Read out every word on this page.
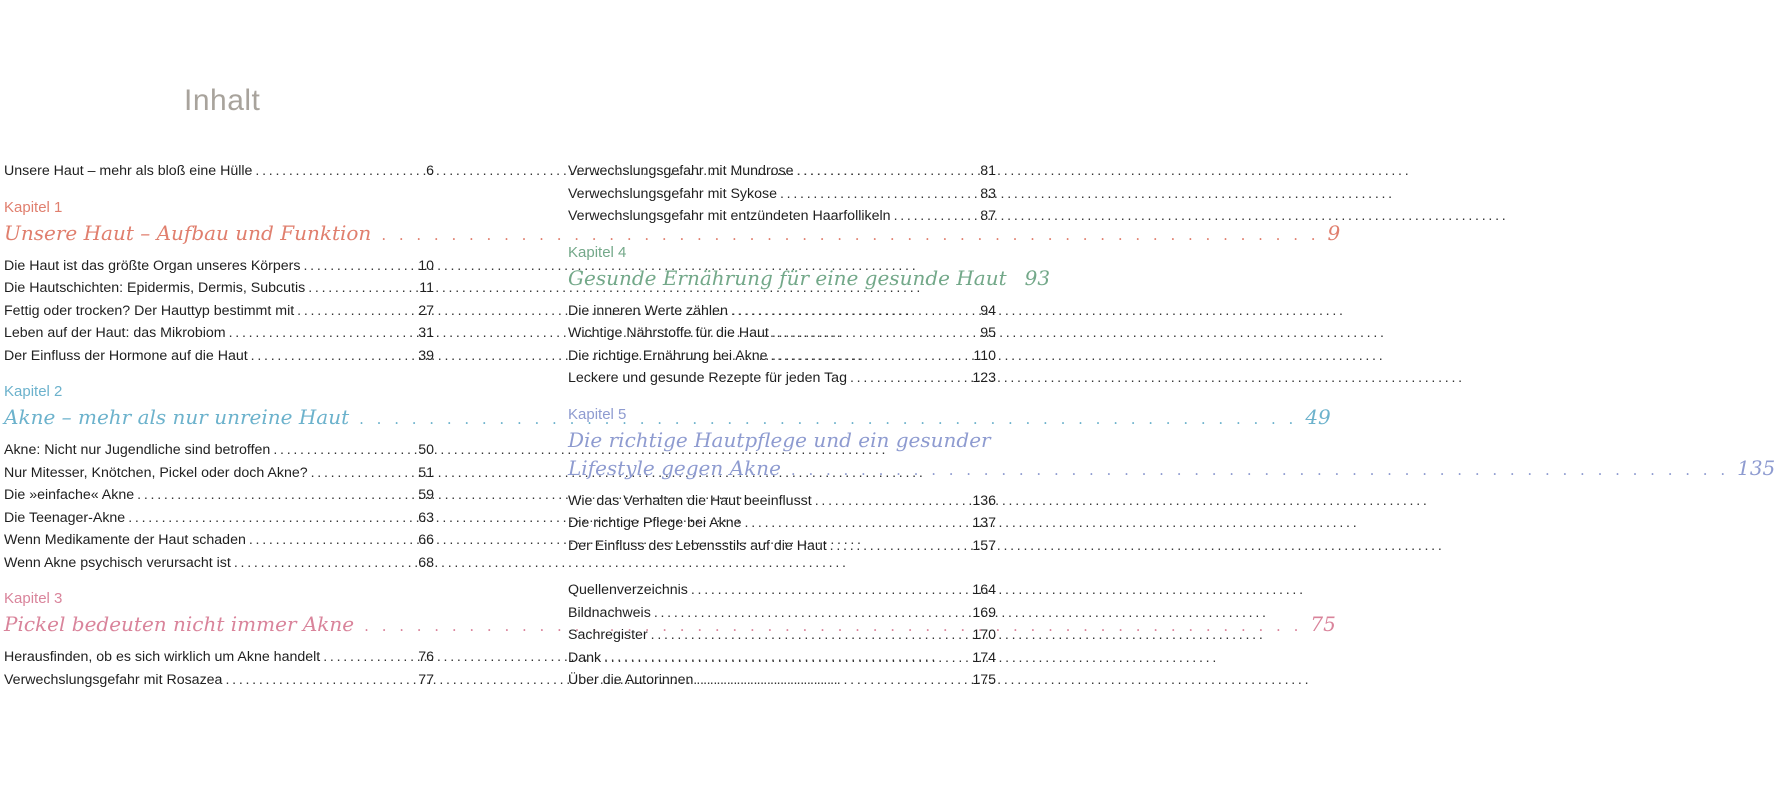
Inhalt
Unsere Haut – mehr als bloß eine Hülle . . .	6
Kapitel 1
Unsere Haut – Aufbau und Funktion . . .	9
Die Haut ist das größte Organ unseres Körpers . . .	10
Die Hautschichten: Epidermis, Dermis, Subcutis . . .	11
Fettig oder trocken? Der Hauttyp bestimmt mit . . .	27
Leben auf der Haut: das Mikrobiom . . .	31
Der Einfluss der Hormone auf die Haut . . .	39
Kapitel 2
Akne – mehr als nur unreine Haut . . .	49
Akne: Nicht nur Jugendliche sind betroffen . . .	50
Nur Mitesser, Knötchen, Pickel oder doch Akne? . . .	51
Die »einfache« Akne . . .	59
Die Teenager-Akne . . .	63
Wenn Medikamente der Haut schaden . . .	66
Wenn Akne psychisch verursacht ist . . .	68
Kapitel 3
Pickel bedeuten nicht immer Akne . . .	75
Herausfinden, ob es sich wirklich um Akne handelt . . .	76
Verwechslungsgefahr mit Rosazea . . .	77
Verwechslungsgefahr mit Mundrose . . .	81
Verwechslungsgefahr mit Sykose . . .	83
Verwechslungsgefahr mit entzündeten Haarfollikeln . . .	87
Kapitel 4
Gesunde Ernährung für eine gesunde Haut 93
Die inneren Werte zählen . . .	94
Wichtige Nährstoffe für die Haut . . .	95
Die richtige Ernährung bei Akne . . .	110
Leckere und gesunde Rezepte für jeden Tag . . .	123
Kapitel 5
Die richtige Hautpflege und ein gesunder
Lifestyle gegen Akne . . .	135
Wie das Verhalten die Haut beeinflusst . . .	136
Die richtige Pflege bei Akne . . .	137
Der Einfluss des Lebensstils auf die Haut . . .	157
Quellenverzeichnis . . .	164
Bildnachweis . . .	169
Sachregister . . .	170
Dank . . .	174
Über die Autorinnen . . .	175
